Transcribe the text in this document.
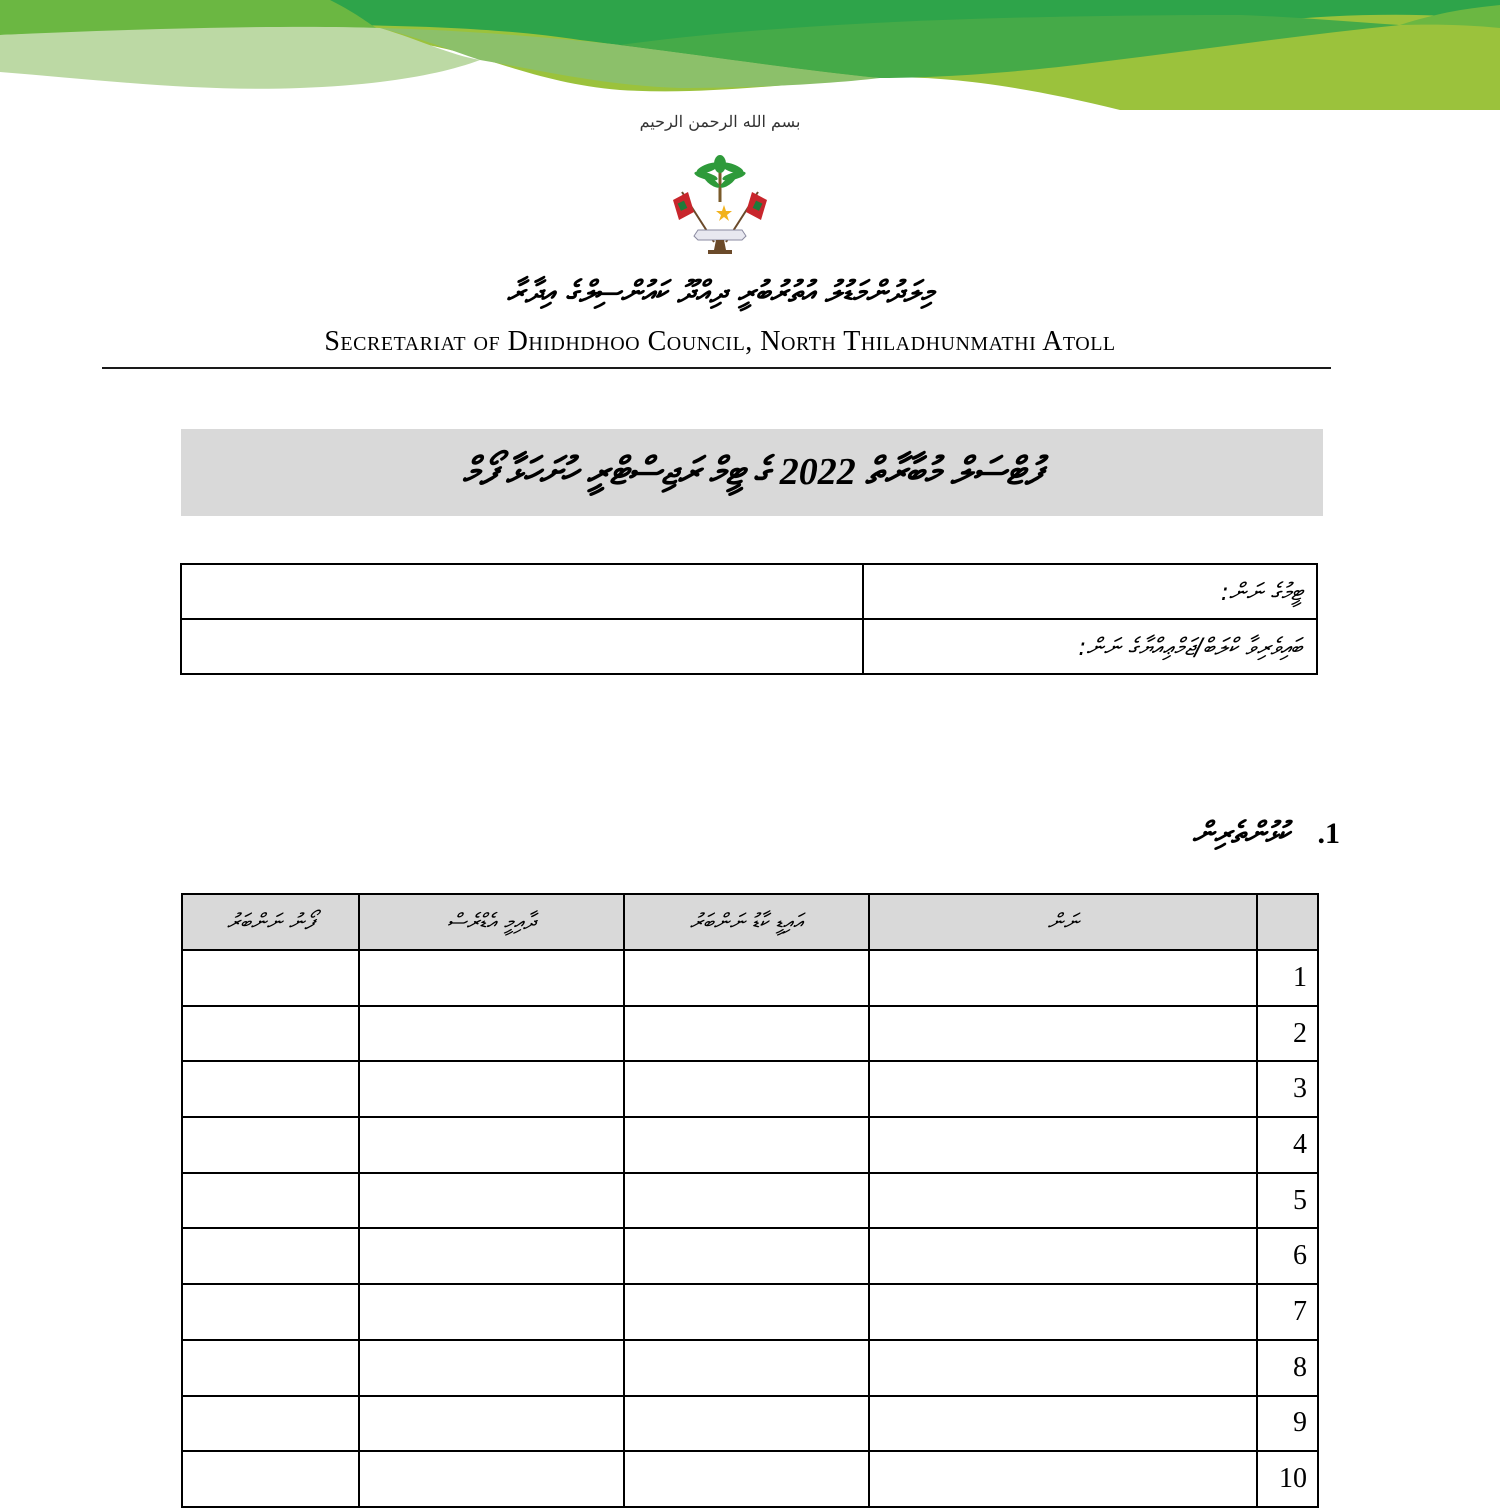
بسم الله الرحمن الرحيم
މިލަދުންމަޑުލު އުތުރުބުރީ ދިއްދޫ ކައުންސިލްގެ އިދާރާ
Secretariat of Dhidhdhoo Council, North Thiladhunmathi Atoll
ފުޓްސަލް މުބާރާތް 2022 ގެ ޓީމް ރަޖިސްޓްރީ ހުށަހަޅާ ފޯމް
	ޓީމުގެ ނަން:
	ބައިވެރިވާ ކްލަބް/ޖަމްޢިއްޔާގެ ނަން:
1.ކުޅުންތެރިން
ފޯނު ނަންބަރު	ދާއިމީ އެޑްރެސް	އައިޑީ ކާޑު ނަންބަރު	ނަން	
				1
				2
				3
				4
				5
				6
				7
				8
				9
				10
